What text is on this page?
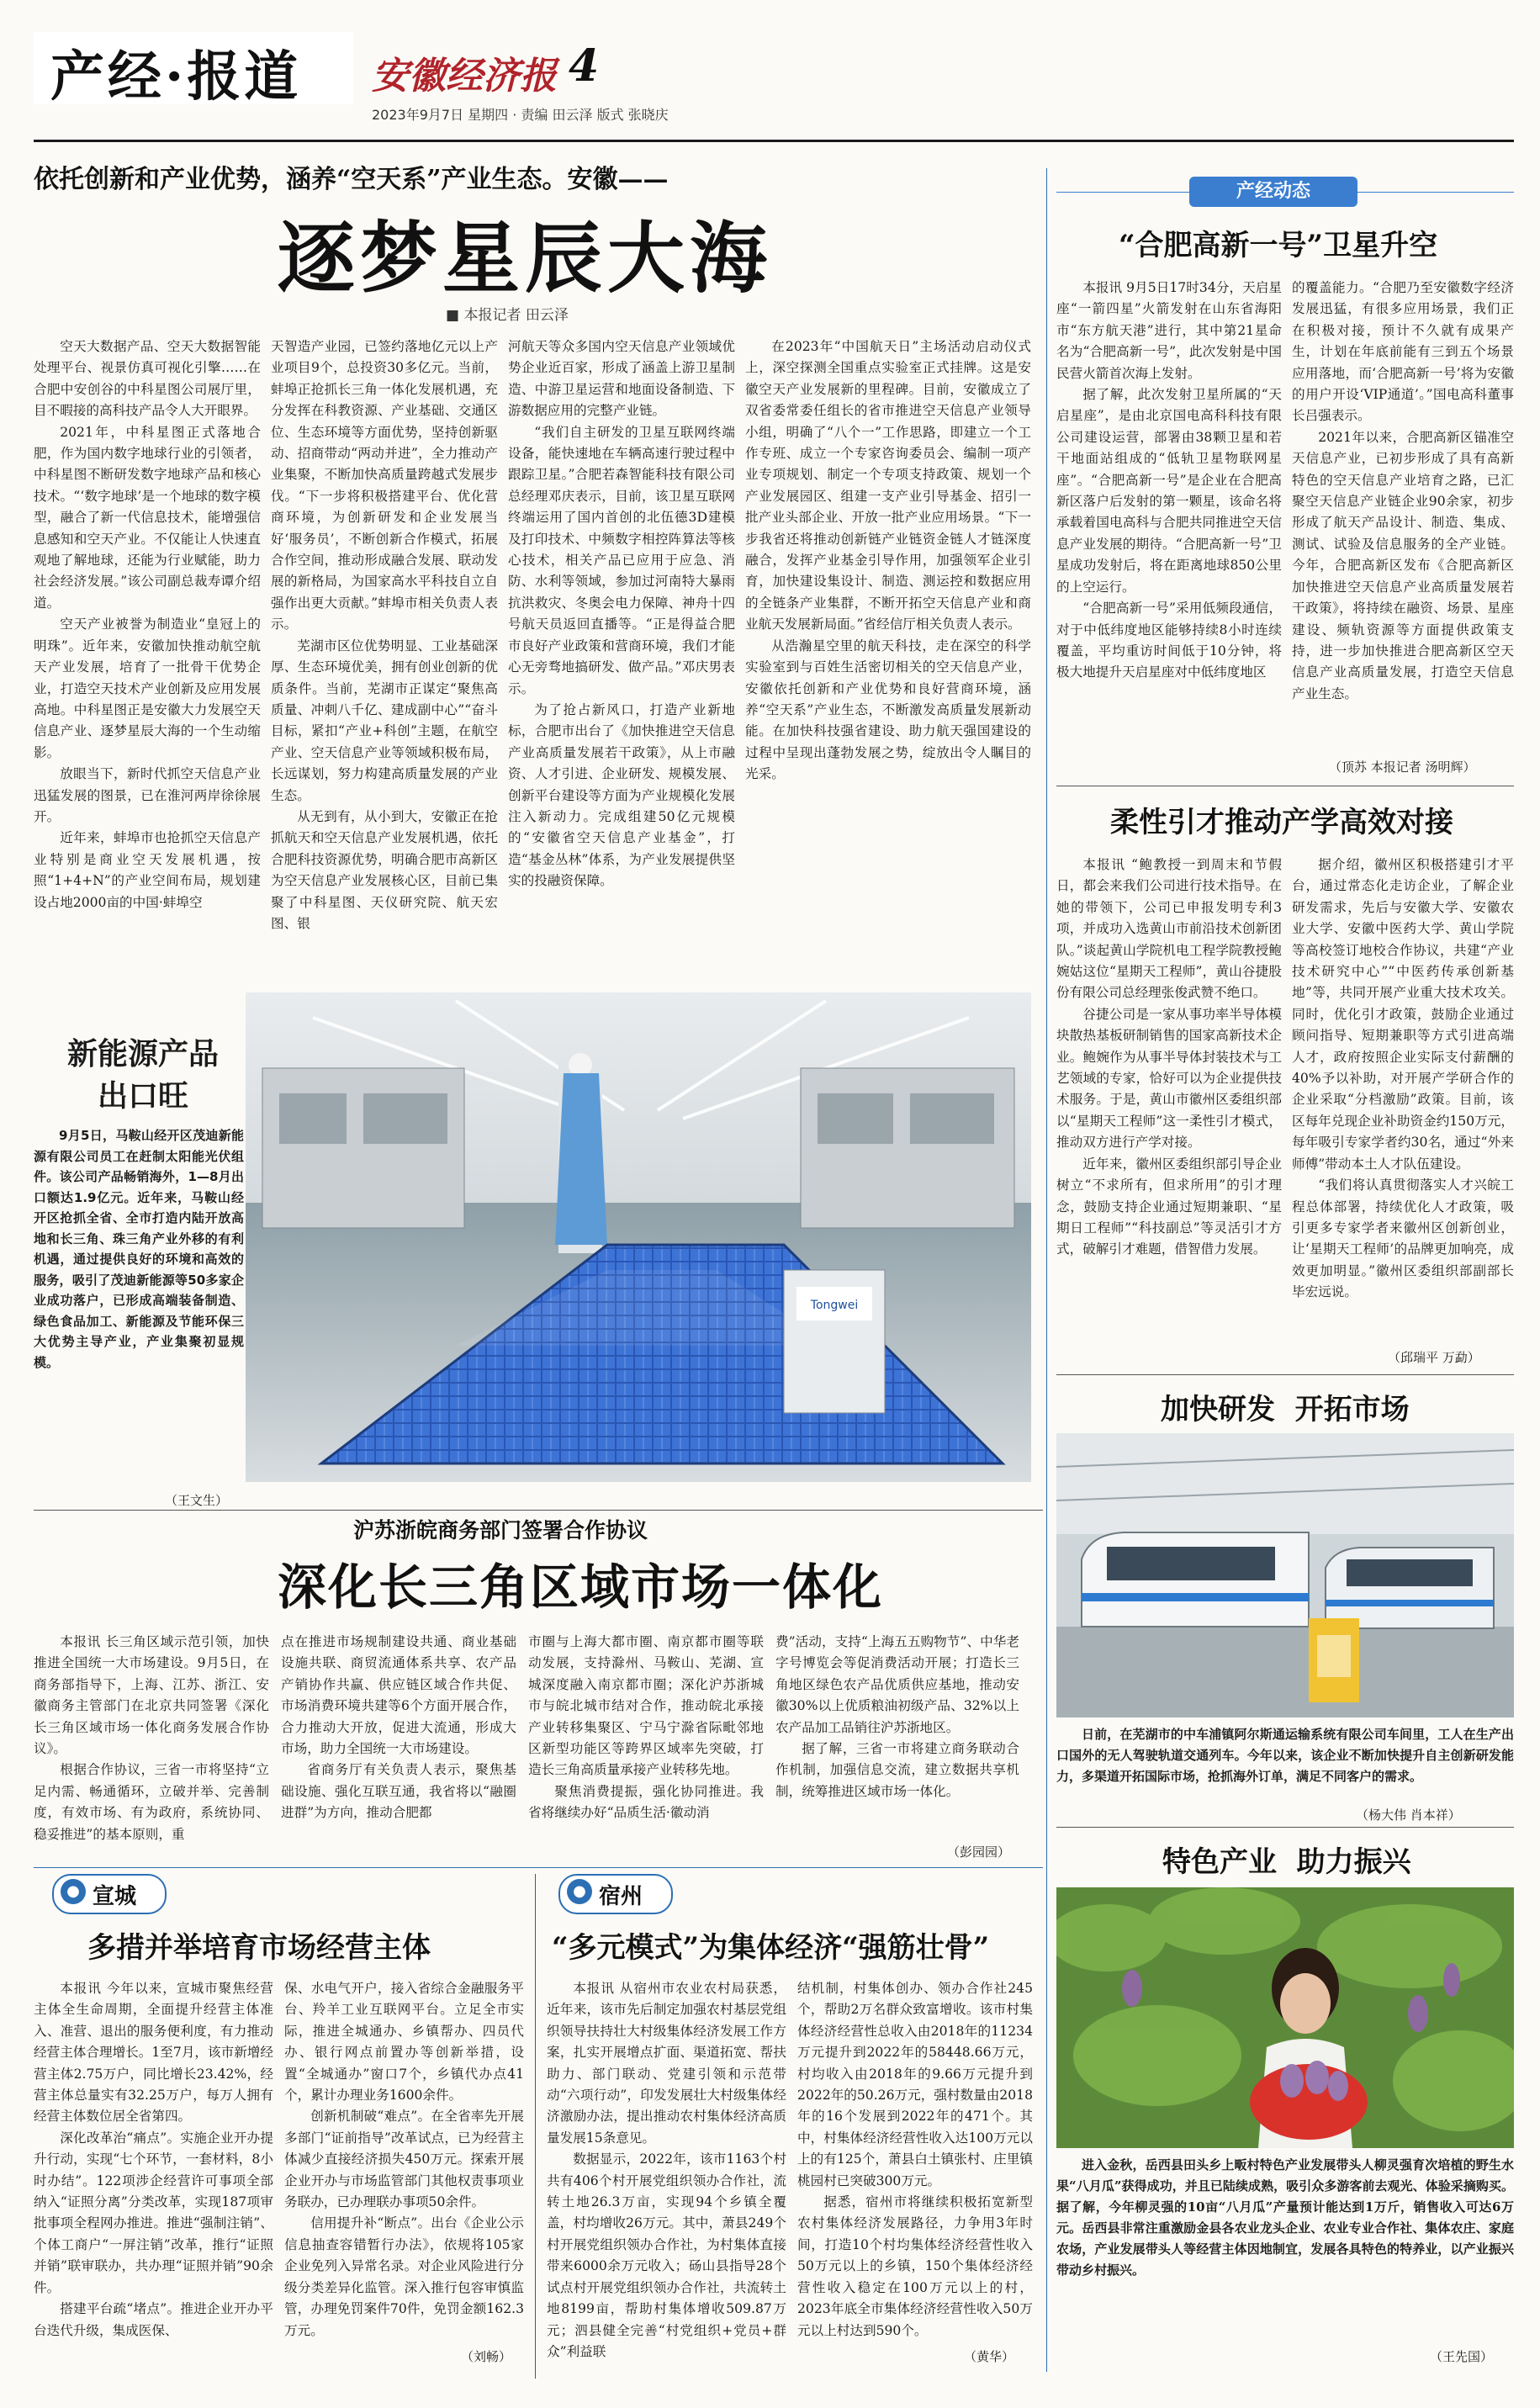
产经·报道 安徽经济报 4
2023年9月7日 星期四 · 责编 田云泽 版式 张晓庆
依托创新和产业优势，涵养“空天系”产业生态。安徽——
逐梦星辰大海
■ 本报记者 田云泽

空天大数据产品、空天大数据智能处理平台、视景仿真可视化引擎……在合肥中安创谷的中科星图公司展厅里，目不暇接的高科技产品令人大开眼界。

2021年，中科星图正式落地合肥，作为国内数字地球行业的引领者，中科星图不断研发数字地球产品和核心技术。“‘数字地球’是一个地球的数字模型，融合了新一代信息技术，能增强信息感知和空天产业。不仅能让人快速直观地了解地球，还能为行业赋能，助力社会经济发展。”该公司副总裁寿谭介绍道。

空天产业被誉为制造业“皇冠上的明珠”。近年来，安徽加快推动航空航天产业发展，培育了一批骨干优势企业，打造空天技术产业创新及应用发展高地。中科星图正是安徽大力发展空天信息产业、逐梦星辰大海的一个生动缩影。

放眼当下，新时代抓空天信息产业迅猛发展的图景，已在淮河两岸徐徐展开。

近年来，蚌埠市也抢抓空天信息产业特别是商业空天发展机遇，按照“1+4+N”的产业空间布局，规划建设占地2000亩的中国·蚌埠空

天智造产业园，已签约落地亿元以上产业项目9个，总投资30多亿元。当前，蚌埠正抢抓长三角一体化发展机遇，充分发挥在科教资源、产业基础、交通区位、生态环境等方面优势，坚持创新驱动、招商带动“两动并进”，全力推动产业集聚，不断加快高质量跨越式发展步伐。“下一步将积极搭建平台、优化营商环境，为创新研发和企业发展当好‘服务员’，不断创新合作模式，拓展合作空间，推动形成融合发展、联动发展的新格局，为国家高水平科技自立自强作出更大贡献。”蚌埠市相关负责人表示。

芜湖市区位优势明显、工业基础深厚、生态环境优美，拥有创业创新的优质条件。当前，芜湖市正谋定“聚焦高质量、冲刺八千亿、建成副中心”“奋斗目标，紧扣“产业+科创”主题，在航空产业、空天信息产业等领域积极布局，长远谋划，努力构建高质量发展的产业生态。

从无到有，从小到大，安徽正在抢抓航天和空天信息产业发展机遇，依托合肥科技资源优势，明确合肥市高新区为空天信息产业发展核心区，目前已集聚了中科星图、天仪研究院、航天宏图、银

河航天等众多国内空天信息产业领域优势企业近百家，形成了涵盖上游卫星制造、中游卫星运营和地面设备制造、下游数据应用的完整产业链。

“我们自主研发的卫星互联网终端设备，能快速地在车辆高速行驶过程中跟踪卫星。”合肥若森智能科技有限公司总经理邓庆表示，目前，该卫星互联网终端运用了国内首创的北伍德3D建模及打印技术、中频数字相控阵算法等核心技术，相关产品已应用于应急、消防、水利等领域，参加过河南特大暴雨抗洪救灾、冬奥会电力保障、神舟十四号航天员返回直播等。“正是得益合肥市良好产业政策和营商环境，我们才能心无旁骛地搞研发、做产品。”邓庆男表示。

为了抢占新风口，打造产业新地标，合肥市出台了《加快推进空天信息产业高质量发展若干政策》，从上市融资、人才引进、企业研发、规模发展、创新平台建设等方面为产业规模化发展注入新动力。完成组建50亿元规模的“安徽省空天信息产业基金”，打造“基金丛林”体系，为产业发展提供坚实的投融资保障。

在2023年“中国航天日”主场活动启动仪式上，深空探测全国重点实验室正式挂牌。这是安徽空天产业发展新的里程碑。目前，安徽成立了双省委常委任组长的省市推进空天信息产业领导小组，明确了“八个一”工作思路，即建立一个工作专班、成立一个专家咨询委员会、编制一项产业专项规划、制定一个专项支持政策、规划一个产业发展园区、组建一支产业引导基金、招引一批产业头部企业、开放一批产业应用场景。“下一步我省还将推动创新链产业链资金链人才链深度融合，发挥产业基金引导作用，加强领军企业引育，加快建设集设计、制造、测运控和数据应用的全链条产业集群，不断开拓空天信息产业和商业航天发展新局面。”省经信厅相关负责人表示。

从浩瀚星空里的航天科技，走在深空的科学实验室到与百姓生活密切相关的空天信息产业，安徽依托创新和产业优势和良好营商环境，涵养“空天系”产业生态，不断激发高质量发展新动能。在加快科技强省建设、助力航天强国建设的过程中呈现出蓬勃发展之势，绽放出令人瞩目的光采。

新能源产品
出口旺

9月5日，马鞍山经开区茂迪新能源有限公司员工在赶制太阳能光伏组件。该公司产品畅销海外，1—8月出口额达1.9亿元。近年来，马鞍山经开区抢抓全省、全市打造内陆开放高地和长三角、珠三角产业外移的有利机遇，通过提供良好的环境和高效的服务，吸引了茂迪新能源等50多家企业成功落户，已形成高端装备制造、绿色食品加工、新能源及节能环保三大优势主导产业，产业集聚初显规模。

（王文生）
Tongwei
沪苏浙皖商务部门签署合作协议
深化长三角区域市场一体化

本报讯 长三角区域示范引领，加快推进全国统一大市场建设。9月5日，在商务部指导下，上海、江苏、浙江、安徽商务主管部门在北京共同签署《深化长三角区域市场一体化商务发展合作协议》。

根据合作协议，三省一市将坚持“立足内需、畅通循环，立破并举、完善制度，有效市场、有为政府，系统协同、稳妥推进”的基本原则，重

点在推进市场规制建设共通、商业基础设施共联、商贸流通体系共享、农产品产销协作共赢、供应链区域合作共促、市场消费环境共建等6个方面开展合作，合力推动大开放，促进大流通，形成大市场，助力全国统一大市场建设。

省商务厅有关负责人表示，聚焦基础设施、强化互联互通，我省将以“融圈进群”为方向，推动合肥都

市圈与上海大都市圈、南京都市圈等联动发展，支持滁州、马鞍山、芜湖、宣城深度融入南京都市圈；深化沪苏浙城市与皖北城市结对合作，推动皖北承接产业转移集聚区、宁马宁滁省际毗邻地区新型功能区等跨界区域率先突破，打造长三角高质量承接产业转移先地。

聚焦消费提振，强化协同推进。我省将继续办好“品质生活·徽动消

费”活动，支持“上海五五购物节”、中华老字号博览会等促消费活动开展；打造长三角地区绿色农产品优质供应基地，推动安徽30%以上优质粮油初级产品、32%以上农产品加工品销往沪苏浙地区。

据了解，三省一市将建立商务联动合作机制，加强信息交流，建立数据共享机制，统筹推进区域市场一体化。

（彭园园）
● 宣城
多措并举培育市场经营主体

本报讯 今年以来，宣城市聚焦经营主体全生命周期，全面提升经营主体准入、准营、退出的服务便利度，有力推动经营主体合理增长。1至7月，该市新增经营主体2.75万户，同比增长23.42%，经营主体总量实有32.25万户，每万人拥有经营主体数位居全省第四。

深化改革治“痛点”。实施企业开办提升行动，实现“七个环节，一套材料，8小时办结”。122项涉企经营许可事项全部纳入“证照分离”分类改革，实现187项审批事项全程网办推进。推进“强制注销”、个体工商户“一屏注销”改革，推行“证照并销”联审联办，共办理“证照并销”90余件。

搭建平台疏“堵点”。推进企业开办平台迭代升级，集成医保、

保、水电气开户，接入省综合金融服务平台、羚羊工业互联网平台。立足全市实际，推进全城通办、乡镇帮办、四员代办、银行网点前置办等创新举措，设置“全城通办”窗口7个，乡镇代办点41个，累计办理业务1600余件。

创新机制破“难点”。在全省率先开展多部门“证前指导”改革试点，已为经营主体减少直接经济损失450万元。探索开展企业开办与市场监管部门其他权责事项业务联办，已办理联办事项50余件。

信用提升补“断点”。出台《企业公示信息抽查容错暂行办法》，依规将105家企业免列入异常名录。对企业风险进行分级分类差异化监管。深入推行包容审慎监管，办理免罚案件70件，免罚金额162.3万元。

（刘畅）
● 宿州
“多元模式”为集体经济“强筋壮骨”

本报讯 从宿州市农业农村局获悉，近年来，该市先后制定加强农村基层党组织领导扶持壮大村级集体经济发展工作方案，扎实开展增点扩面、渠道拓宽、帮扶助力、部门联动、党建引领和示范带动“六项行动”，印发发展壮大村级集体经济激励办法，提出推动农村集体经济高质量发展15条意见。

数据显示，2022年，该市1163个村共有406个村开展党组织领办合作社，流转土地26.3万亩，实现94个乡镇全覆盖，村均增收26万元。其中，萧县249个村开展党组织领办合作社，为村集体直接带来6000余万元收入；砀山县指导28个试点村开展党组织领办合作社，共流转土地8199亩，帮助村集体增收509.87万元；泗县健全完善“村党组织+党员+群众”利益联

结机制，村集体创办、领办合作社245个，帮助2万名群众致富增收。该市村集体经济经营性总收入由2018年的11234万元提升到2022年的58448.66万元，村均收入由2018年的9.66万元提升到2022年的50.26万元，强村数量由2018年的16个发展到2022年的471个。其中，村集体经济经营性收入达100万元以上的有125个，萧县白土镇张村、庄里镇桃园村已突破300万元。

据悉，宿州市将继续积极拓宽新型农村集体经济发展路径，力争用3年时间，打造10个村均集体经济经营性收入50万元以上的乡镇，150个集体经济经营性收入稳定在100万元以上的村，2023年底全市集体经济经营性收入50万元以上村达到590个。

（黄华）
产经动态
“合肥高新一号”卫星升空

本报讯 9月5日17时34分，天启星座“一箭四星”火箭发射在山东省海阳市“东方航天港”进行，其中第21星命名为“合肥高新一号”，此次发射是中国民营火箭首次海上发射。

据了解，此次发射卫星所属的“天启星座”，是由北京国电高科科技有限公司建设运营，部署由38颗卫星和若干地面站组成的“低轨卫星物联网星座”。“合肥高新一号”是企业在合肥高新区落户后发射的第一颗星，该命名将承载着国电高科与合肥共同推进空天信息产业发展的期待。“合肥高新一号”卫星成功发射后，将在距离地球850公里的上空运行。

“合肥高新一号”采用低频段通信，对于中低纬度地区能够持续8小时连续覆盖，平均重访时间低于10分钟，将极大地提升天启星座对中低纬度地区

的覆盖能力。“合肥乃至安徽数字经济发展迅猛，有很多应用场景，我们正在积极对接，预计不久就有成果产生，计划在年底前能有三到五个场景应用落地，而‘合肥高新一号’将为安徽的用户开设‘VIP通道’。”国电高科董事长吕强表示。

2021年以来，合肥高新区锚准空天信息产业，已初步形成了具有高新特色的空天信息产业培育之路，已汇聚空天信息产业链企业90余家，初步形成了航天产品设计、制造、集成、测试、试验及信息服务的全产业链。今年，合肥高新区发布《合肥高新区加快推进空天信息产业高质量发展若干政策》，将持续在融资、场景、星座建设、频轨资源等方面提供政策支持，进一步加快推进合肥高新区空天信息产业高质量发展，打造空天信息产业生态。

（顶苏 本报记者 汤明辉）
柔性引才推动产学高效对接

本报讯 “鲍教授一到周末和节假日，都会来我们公司进行技术指导。在她的带领下，公司已申报发明专利3项，并成功入选黄山市前沿技术创新团队。”谈起黄山学院机电工程学院教授鲍婉姑这位“星期天工程师”，黄山谷捷股份有限公司总经理张俊武赞不绝口。

谷捷公司是一家从事功率半导体模块散热基板研制销售的国家高新技术企业。鲍婉作为从事半导体封装技术与工艺领域的专家，恰好可以为企业提供技术服务。于是，黄山市徽州区委组织部以“星期天工程师”这一柔性引才模式，推动双方进行产学对接。

近年来，徽州区委组织部引导企业树立“不求所有，但求所用”的引才理念，鼓励支持企业通过短期兼职、“星期日工程师”“科技副总”等灵活引才方式，破解引才难题，借智借力发展。

据介绍，徽州区积极搭建引才平台，通过常态化走访企业，了解企业研发需求，先后与安徽大学、安徽农业大学、安徽中医药大学、黄山学院等高校签订地校合作协议，共建“产业技术研究中心”“中医药传承创新基地”等，共同开展产业重大技术攻关。同时，优化引才政策，鼓励企业通过顾问指导、短期兼职等方式引进高端人才，政府按照企业实际支付薪酬的40%予以补助，对开展产学研合作的企业采取“分档激励”政策。目前，该区每年兑现企业补助资金约150万元，每年吸引专家学者约30名，通过“外来师傅”带动本土人才队伍建设。

“我们将认真贯彻落实人才兴皖工程总体部署，持续优化人才政策，吸引更多专家学者来徽州区创新创业，让‘星期天工程师’的品牌更加响亮，成效更加明显。”徽州区委组织部副部长毕宏远说。

（邱瑞平 万勐）
加快研发  开拓市场

日前，在芜湖市的中车浦镇阿尔斯通运输系统有限公司车间里，工人在生产出口国外的无人驾驶轨道交通列车。今年以来，该企业不断加快提升自主创新研发能力，多渠道开拓国际市场，抢抓海外订单，满足不同客户的需求。

（杨大伟 肖本祥）
特色产业  助力振兴

进入金秋，岳西县田头乡上畈村特色产业发展带头人柳灵强育次培植的野生水果“八月瓜”获得成功，并且已陆续成熟，吸引众多游客前去观光、体验采摘购买。据了解，今年柳灵强的10亩“八月瓜”产量预计能达到1万斤，销售收入可达6万元。岳西县非常注重激励金县各农业龙头企业、农业专业合作社、集体农庄、家庭农场，产业发展带头人等经营主体因地制宜，发展各具特色的特养业，以产业振兴带动乡村振兴。

（王先国）
